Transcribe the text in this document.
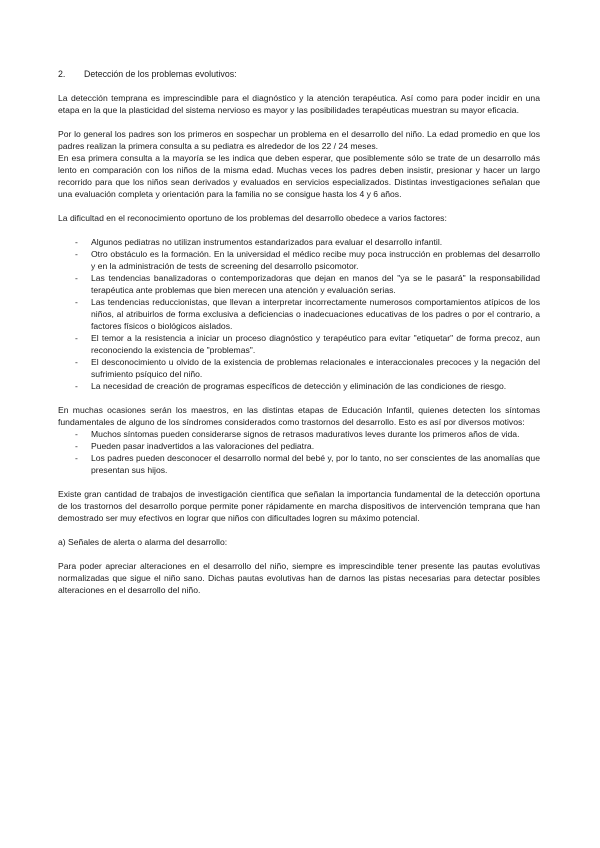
2. Detección de los problemas evolutivos:

La detección temprana es imprescindible para el diagnóstico y la atención terapéutica. Así como para poder incidir en una etapa en la que la plasticidad del sistema nervioso es mayor y las posibilidades terapéuticas muestran su mayor eficacia.

Por lo general los padres son los primeros en sospechar un problema en el desarrollo del niño. La edad promedio en que los padres realizan la primera consulta a su pediatra es alrededor de los 22 / 24 meses.

En esa primera consulta a la mayoría se les indica que deben esperar, que posiblemente sólo se trate de un desarrollo más lento en comparación con los niños de la misma edad. Muchas veces los padres deben insistir, presionar y hacer un largo recorrido para que los niños sean derivados y evaluados en servicios especializados. Distintas investigaciones señalan que una evaluación completa y orientación para la familia no se consigue hasta los 4 y 6 años.

La dificultad en el reconocimiento oportuno de los problemas del desarrollo obedece a varios factores:

- Algunos pediatras no utilizan instrumentos estandarizados para evaluar el desarrollo infantil.
- Otro obstáculo es la formación. En la universidad el médico recibe muy poca instrucción en problemas del desarrollo y en la administración de tests de screening del desarrollo psicomotor.
- Las tendencias banalizadoras o contemporizadoras que dejan en manos del "ya se le pasará" la responsabilidad terapéutica ante problemas que bien merecen una atención y evaluación serias.
- Las tendencias reduccionistas, que llevan a interpretar incorrectamente numerosos comportamientos atípicos de los niños, al atribuirlos de forma exclusiva a deficiencias o inadecuaciones educativas de los padres o por el contrario, a factores físicos o biológicos aislados.
- El temor a la resistencia a iniciar un proceso diagnóstico y terapéutico para evitar "etiquetar" de forma precoz, aun reconociendo la existencia de "problemas".
- El desconocimiento u olvido de la existencia de problemas relacionales e interaccionales precoces y la negación del sufrimiento psíquico del niño.
- La necesidad de creación de programas específicos de detección y eliminación de las condiciones de riesgo.

En muchas ocasiones serán los maestros, en las distintas etapas de Educación Infantil, quienes detecten los síntomas fundamentales de alguno de los síndromes considerados como trastornos del desarrollo. Esto es así por diversos motivos:

- Muchos síntomas pueden considerarse signos de retrasos madurativos leves durante los primeros años de vida.
- Pueden pasar inadvertidos a las valoraciones del pediatra.
- Los padres pueden desconocer el desarrollo normal del bebé y, por lo tanto, no ser conscientes de las anomalías que presentan sus hijos.

Existe gran cantidad de trabajos de investigación científica que señalan la importancia fundamental de la detección oportuna de los trastornos del desarrollo porque permite poner rápidamente en marcha dispositivos de intervención temprana que han demostrado ser muy efectivos en lograr que niños con dificultades logren su máximo potencial.

a) Señales de alerta o alarma del desarrollo:

Para poder apreciar alteraciones en el desarrollo del niño, siempre es imprescindible tener presente las pautas evolutivas normalizadas que sigue el niño sano. Dichas pautas evolutivas han de darnos las pistas necesarias para detectar posibles alteraciones en el desarrollo del niño.
